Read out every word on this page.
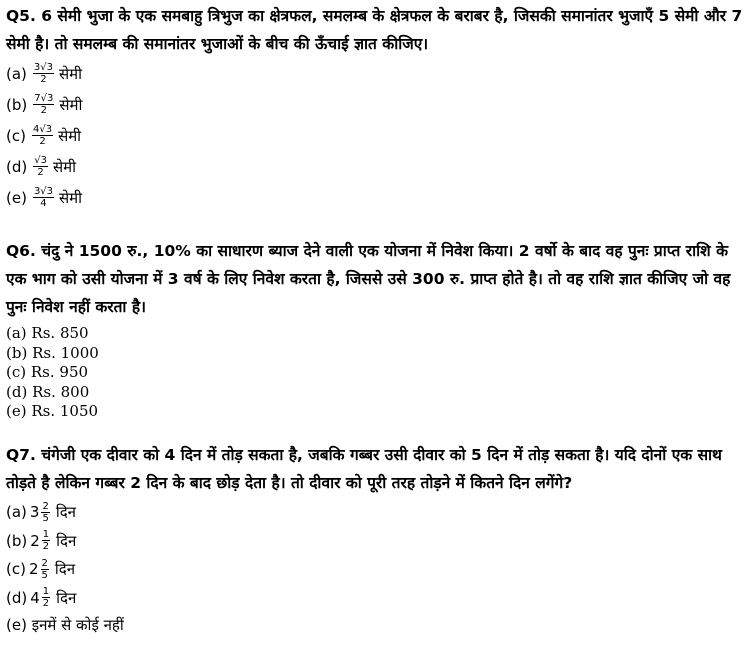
Q5. 6 सेमी भुजा के एक समबाहु त्रिभुज का क्षेत्रफल, समलम्ब के क्षेत्रफल के बराबर है, जिसकी समानांतर भुजाएँ 5 सेमी और 7 सेमी है। तो समलम्ब की समानांतर भुजाओं के बीच की ऊँचाई ज्ञात कीजिए।

$(a) \frac{3√3}{2}$ सेमी
$(b) \frac{7√3}{2}$ सेमी
$(c) \frac{4√3}{2}$ सेमी
$(d) \frac{√3}{2}$ सेमी
$(e) \frac{3√3}{4}$ सेमी

Q6. चंदु ने 1500 रु., 10% का साधारण ब्याज देने वाली एक योजना में निवेश किया। 2 वर्षो के बाद वह पुनः प्राप्त राशि के एक भाग को उसी योजना में 3 वर्ष के लिए निवेश करता है, जिससे उसे 300 रु. प्राप्त होते है। तो वह राशि ज्ञात कीजिए जो वह पुनः निवेश नहीं करता है।

(a) Rs. 850
(b) Rs. 1000
(c) Rs. 950
(d) Rs. 800
(e) Rs. 1050

Q7. चंगेजी एक दीवार को 4 दिन में तोड़ सकता है, जबकि गब्बर उसी दीवार को 5 दिन में तोड़ सकता है। यदि दोनों एक साथ तोड़ते है लेकिन गब्बर 2 दिन के बाद छोड़ देता है। तो दीवार को पूरी तरह तोड़ने में कितने दिन लगेंगे?

(a) $3 \frac{2}{5}$ दिन
(b) $2 \frac{1}{2}$ दिन
(c) $2 \frac{2}{5}$ दिन
(d) $4 \frac{1}{2}$ दिन
(e) इनमें से कोई नहीं
